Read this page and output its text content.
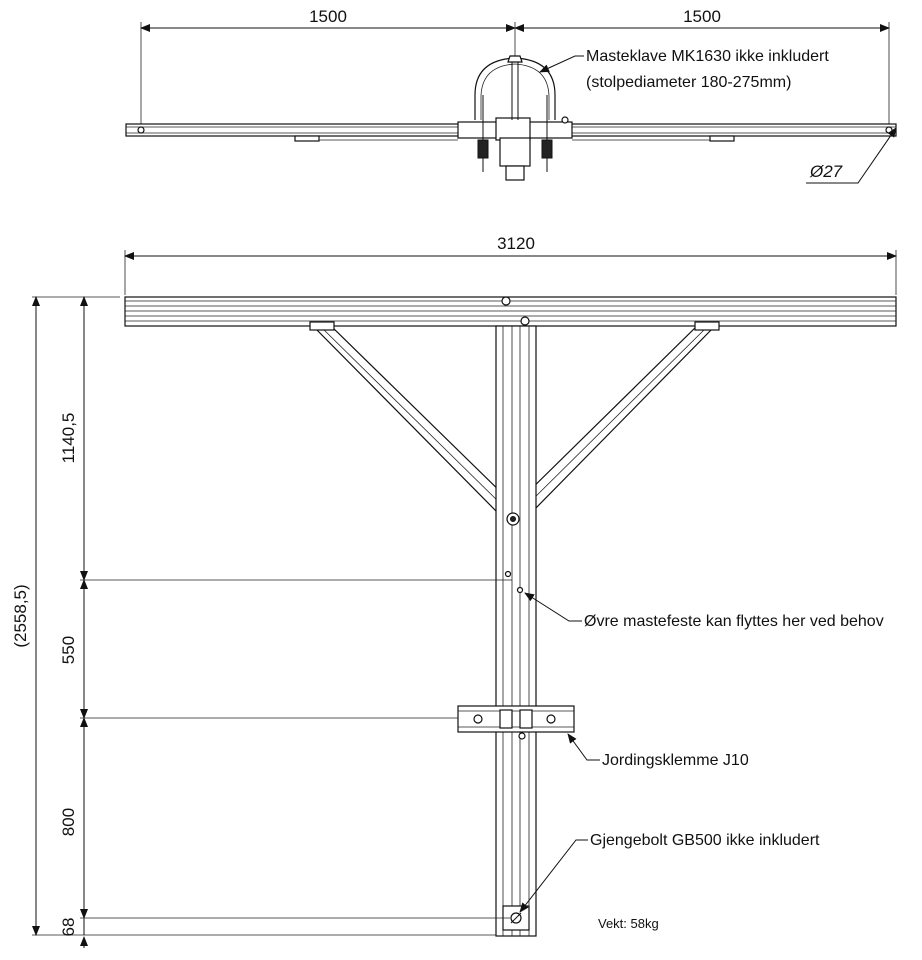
1500	1500
Masteklave MK1630 ikke inkludert
(stolpediameter 180-275mm)
Ø27
3120
(2558,5)
1140,5
550
800
68
Øvre mastefeste kan flyttes her ved behov
Jordingsklemme J10
Gjengebolt GB500 ikke inkludert
Vekt: 58kg
